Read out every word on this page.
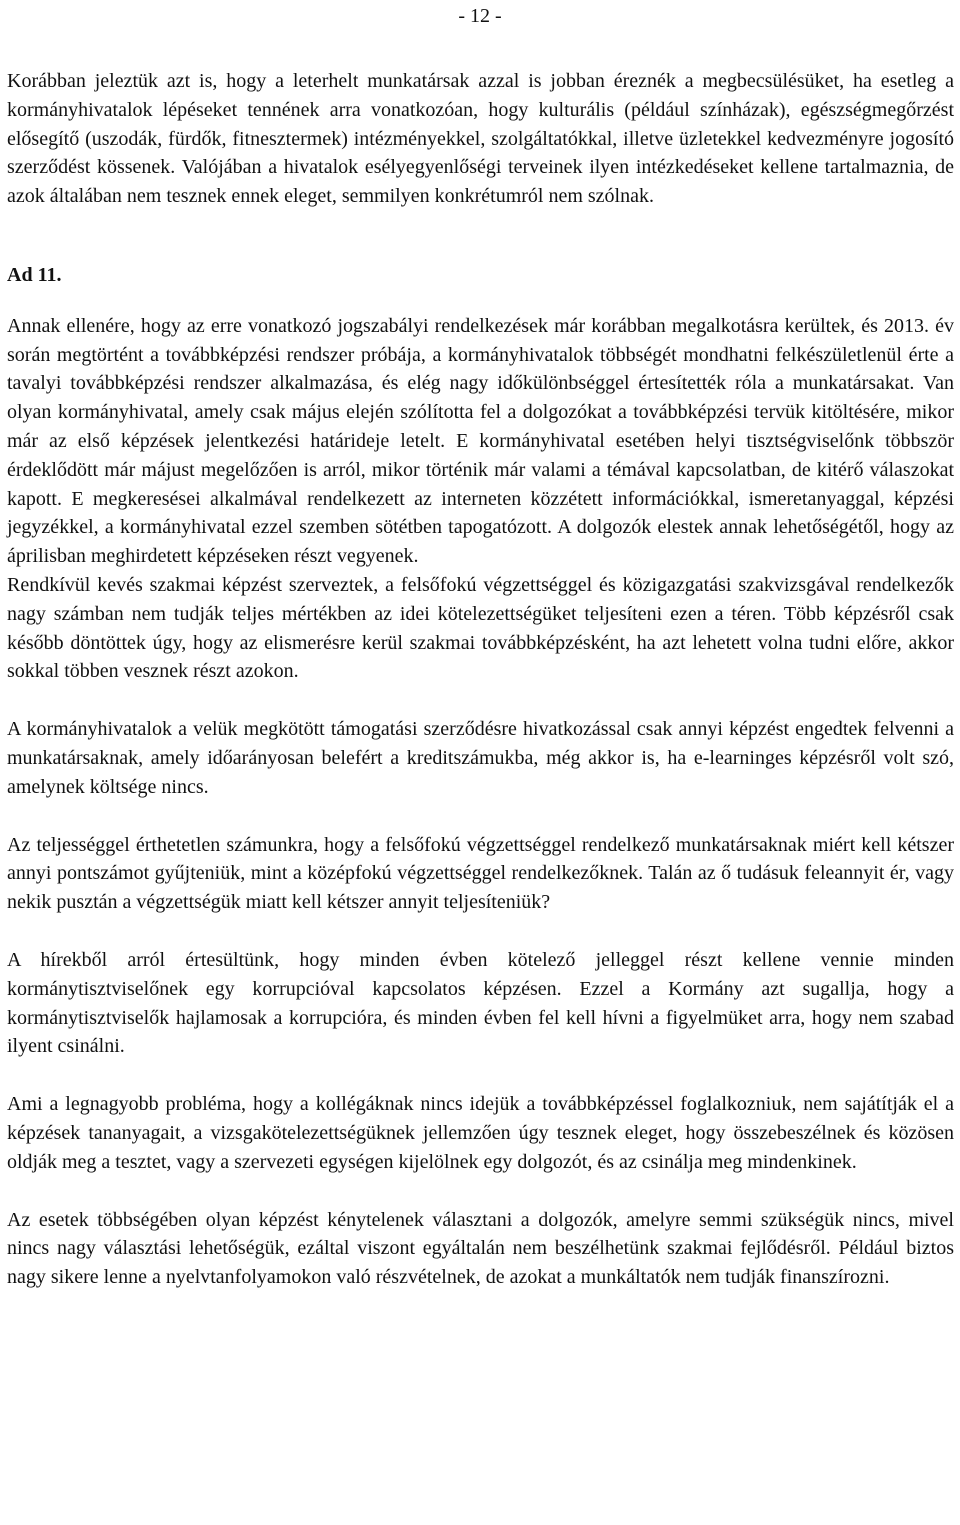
- 12 -

Korábban jeleztük azt is, hogy a leterhelt munkatársak azzal is jobban éreznék a megbecsülésüket, ha esetleg a kormányhivatalok lépéseket tennének arra vonatkozóan, hogy kulturális (például színházak), egészségmegőrzést elősegítő (uszodák, fürdők, fitnesztermek) intézményekkel, szolgáltatókkal, illetve üzletekkel kedvezményre jogosító szerződést kössenek. Valójában a hivatalok esélyegyenlőségi terveinek ilyen intézkedéseket kellene tartalmaznia, de azok általában nem tesznek ennek eleget, semmilyen konkrétumról nem szólnak.

Ad 11.

Annak ellenére, hogy az erre vonatkozó jogszabályi rendelkezések már korábban megalkotásra kerültek, és 2013. év során megtörtént a továbbképzési rendszer próbája, a kormányhivatalok többségét mondhatni felkészületlenül érte a tavalyi továbbképzési rendszer alkalmazása, és elég nagy időkülönbséggel értesítették róla a munkatársakat. Van olyan kormányhivatal, amely csak május elején szólította fel a dolgozókat a továbbképzési tervük kitöltésére, mikor már az első képzések jelentkezési határideje letelt. E kormányhivatal esetében helyi tisztségviselőnk többször érdeklődött már májust megelőzően is arról, mikor történik már valami a témával kapcsolatban, de kitérő válaszokat kapott. E megkeresései alkalmával rendelkezett az interneten közzétett információkkal, ismeretanyaggal, képzési jegyzékkel, a kormányhivatal ezzel szemben sötétben tapogatózott. A dolgozók elestek annak lehetőségétől, hogy az áprilisban meghirdetett képzéseken részt vegyenek.

Rendkívül kevés szakmai képzést szerveztek, a felsőfokú végzettséggel és közigazgatási szakvizsgával rendelkezők nagy számban nem tudják teljes mértékben az idei kötelezettségüket teljesíteni ezen a téren. Több képzésről csak később döntöttek úgy, hogy az elismerésre kerül szakmai továbbképzésként, ha azt lehetett volna tudni előre, akkor sokkal többen vesznek részt azokon.

A kormányhivatalok a velük megkötött támogatási szerződésre hivatkozással csak annyi képzést engedtek felvenni a munkatársaknak, amely időarányosan belefért a kreditszámukba, még akkor is, ha e-learninges képzésről volt szó, amelynek költsége nincs.

Az teljességgel érthetetlen számunkra, hogy a felsőfokú végzettséggel rendelkező munkatársaknak miért kell kétszer annyi pontszámot gyűjteniük, mint a középfokú végzettséggel rendelkezőknek. Talán az ő tudásuk feleannyit ér, vagy nekik pusztán a végzettségük miatt kell kétszer annyit teljesíteniük?

A hírekből arról értesültünk, hogy minden évben kötelező jelleggel részt kellene vennie minden kormánytisztviselőnek egy korrupcióval kapcsolatos képzésen. Ezzel a Kormány azt sugallja, hogy a kormánytisztviselők hajlamosak a korrupcióra, és minden évben fel kell hívni a figyelmüket arra, hogy nem szabad ilyent csinálni.

Ami a legnagyobb probléma, hogy a kollégáknak nincs idejük a továbbképzéssel foglalkozniuk, nem sajátítják el a képzések tananyagait, a vizsgakötelezettségüknek jellemzően úgy tesznek eleget, hogy összebeszélnek és közösen oldják meg a tesztet, vagy a szervezeti egységen kijelölnek egy dolgozót, és az csinálja meg mindenkinek.

Az esetek többségében olyan képzést kénytelenek választani a dolgozók, amelyre semmi szükségük nincs, mivel nincs nagy választási lehetőségük, ezáltal viszont egyáltalán nem beszélhetünk szakmai fejlődésről. Például biztos nagy sikere lenne a nyelvtanfolyamokon való részvételnek, de azokat a munkáltatók nem tudják finanszírozni.
